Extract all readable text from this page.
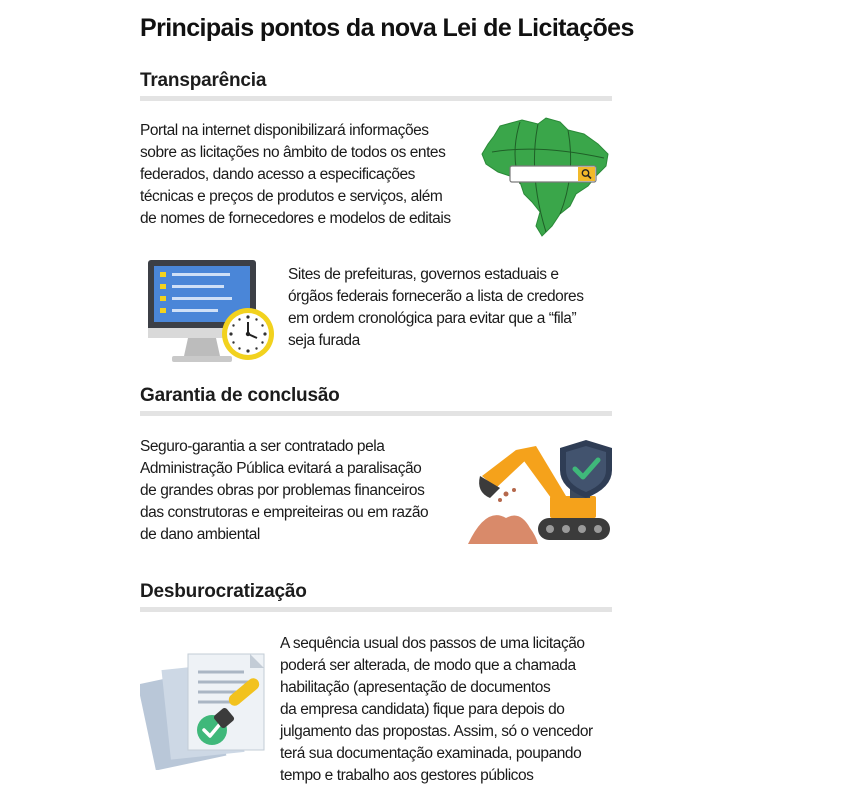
Principais pontos da nova Lei de Licitações
Transparência
Portal na internet disponibilizará informações
sobre as licitações no âmbito de todos os entes
federados, dando acesso a especificações
técnicas e preços de produtos e serviços, além
de nomes de fornecedores e modelos de editais
Sites de prefeituras, governos estaduais e
órgãos federais fornecerão a lista de credores
em ordem cronológica para evitar que a “fila”
seja furada
Garantia de conclusão
Seguro-garantia a ser contratado pela
Administração Pública evitará a paralisação
de grandes obras por problemas financeiros
das construtoras e empreiteiras ou em razão
de dano ambiental
Desburocratização
A sequência usual dos passos de uma licitação
poderá ser alterada, de modo que a chamada
habilitação (apresentação de documentos
da empresa candidata) fique para depois do
julgamento das propostas. Assim, só o vencedor
terá sua documentação examinada, poupando
tempo e trabalho aos gestores públicos
